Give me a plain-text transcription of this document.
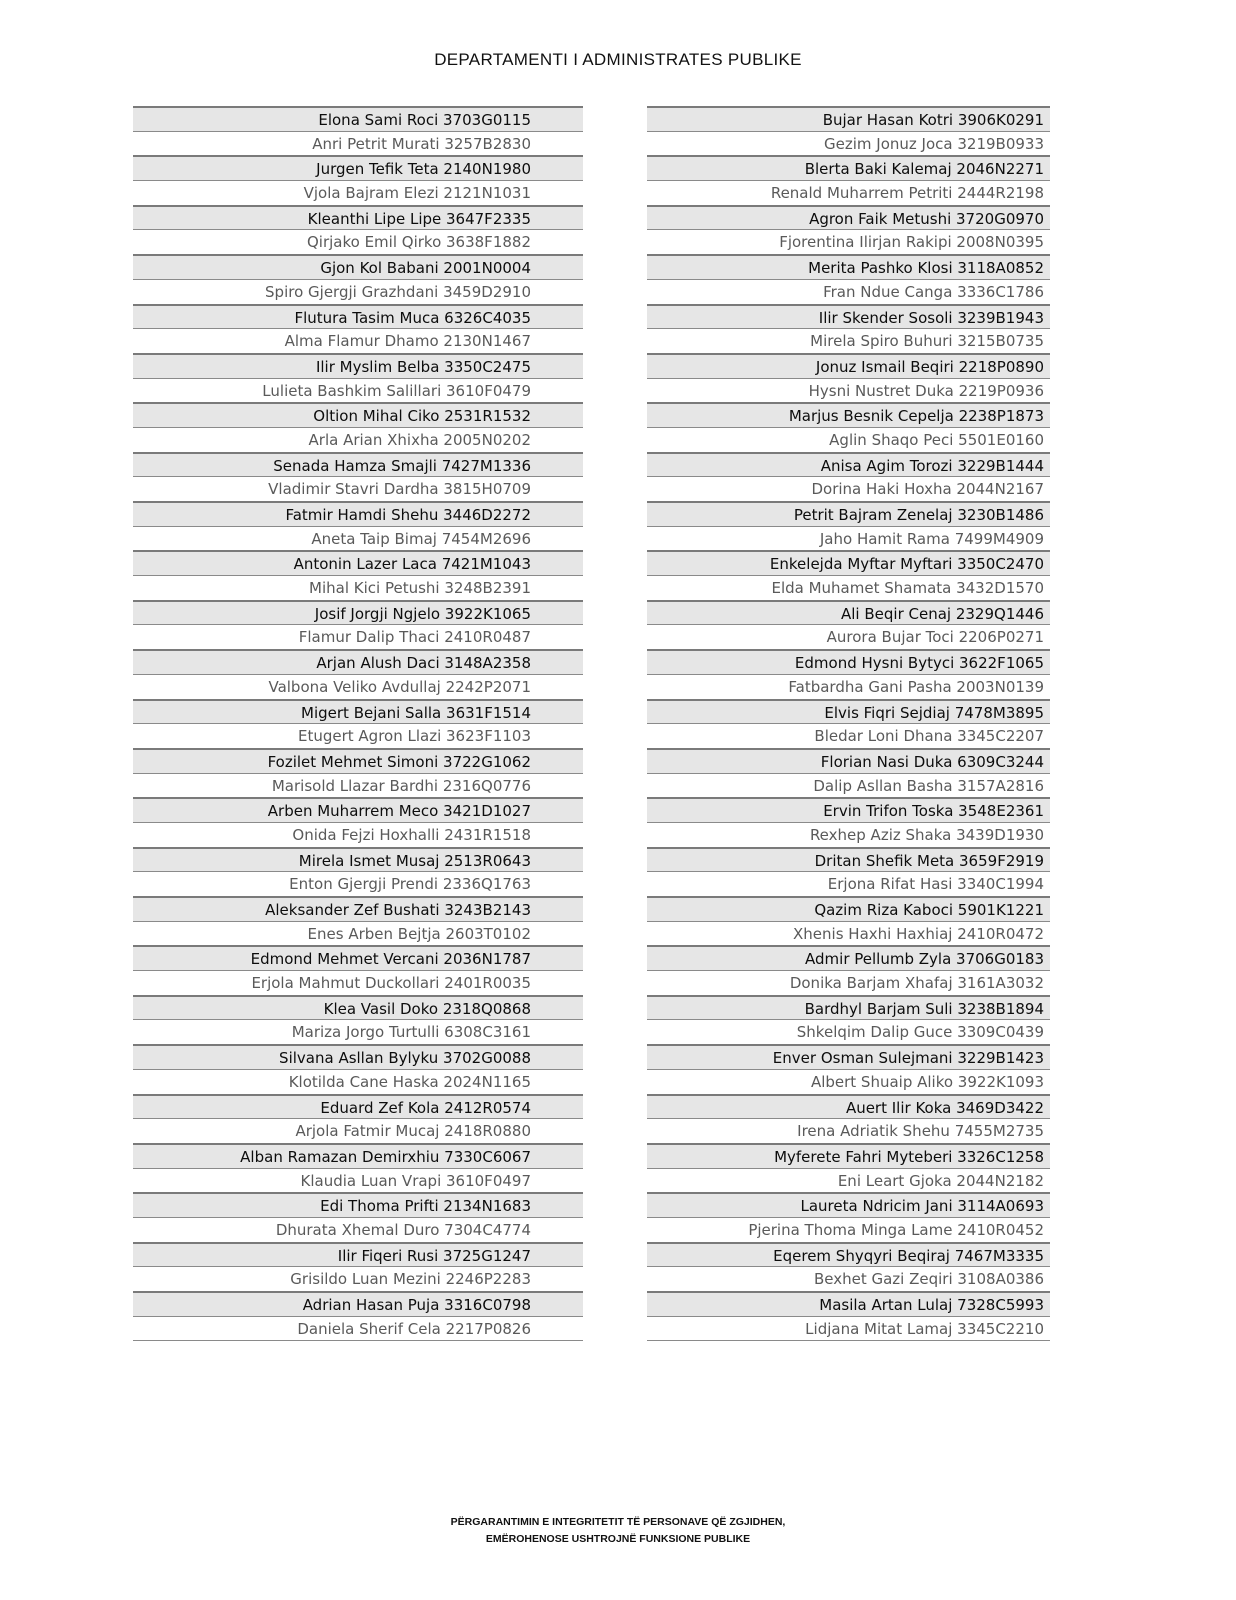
DEPARTAMENTI I ADMINISTRATES PUBLIKE
Elona Sami Roci 3703G0115
Anri Petrit Murati 3257B2830
Jurgen Tefik Teta 2140N1980
Vjola Bajram Elezi 2121N1031
Kleanthi Lipe Lipe 3647F2335
Qirjako Emil Qirko 3638F1882
Gjon Kol Babani 2001N0004
Spiro Gjergji Grazhdani 3459D2910
Flutura Tasim Muca 6326C4035
Alma Flamur Dhamo 2130N1467
Ilir Myslim Belba 3350C2475
Lulieta Bashkim Salillari 3610F0479
Oltion Mihal Ciko 2531R1532
Arla Arian Xhixha 2005N0202
Senada Hamza Smajli 7427M1336
Vladimir Stavri Dardha 3815H0709
Fatmir Hamdi Shehu 3446D2272
Aneta Taip Bimaj 7454M2696
Antonin Lazer Laca 7421M1043
Mihal Kici Petushi 3248B2391
Josif Jorgji Ngjelo 3922K1065
Flamur Dalip Thaci 2410R0487
Arjan Alush Daci 3148A2358
Valbona Veliko Avdullaj 2242P2071
Migert Bejani Salla 3631F1514
Etugert Agron Llazi 3623F1103
Fozilet Mehmet Simoni 3722G1062
Marisold Llazar Bardhi 2316Q0776
Arben Muharrem Meco 3421D1027
Onida Fejzi Hoxhalli 2431R1518
Mirela Ismet Musaj 2513R0643
Enton Gjergji Prendi 2336Q1763
Aleksander Zef Bushati 3243B2143
Enes Arben Bejtja 2603T0102
Edmond Mehmet Vercani 2036N1787
Erjola Mahmut Duckollari 2401R0035
Klea Vasil Doko 2318Q0868
Mariza Jorgo Turtulli 6308C3161
Silvana Asllan Bylyku 3702G0088
Klotilda Cane Haska 2024N1165
Eduard Zef Kola 2412R0574
Arjola Fatmir Mucaj 2418R0880
Alban Ramazan Demirxhiu 7330C6067
Klaudia Luan Vrapi 3610F0497
Edi Thoma Prifti 2134N1683
Dhurata Xhemal Duro 7304C4774
Ilir Fiqeri Rusi 3725G1247
Grisildo Luan Mezini 2246P2283
Adrian Hasan Puja 3316C0798
Daniela Sherif Cela 2217P0826
Bujar Hasan Kotri 3906K0291
Gezim Jonuz Joca 3219B0933
Blerta Baki Kalemaj 2046N2271
Renald Muharrem Petriti 2444R2198
Agron Faik Metushi 3720G0970
Fjorentina Ilirjan Rakipi 2008N0395
Merita Pashko Klosi 3118A0852
Fran Ndue Canga 3336C1786
Ilir Skender Sosoli 3239B1943
Mirela Spiro Buhuri 3215B0735
Jonuz Ismail Beqiri 2218P0890
Hysni Nustret Duka 2219P0936
Marjus Besnik Cepelja 2238P1873
Aglin Shaqo Peci 5501E0160
Anisa Agim Torozi 3229B1444
Dorina Haki Hoxha 2044N2167
Petrit Bajram Zenelaj 3230B1486
Jaho Hamit Rama 7499M4909
Enkelejda Myftar Myftari 3350C2470
Elda Muhamet Shamata 3432D1570
Ali Beqir Cenaj 2329Q1446
Aurora Bujar Toci 2206P0271
Edmond Hysni Bytyci 3622F1065
Fatbardha Gani Pasha 2003N0139
Elvis Fiqri Sejdiaj 7478M3895
Bledar Loni Dhana 3345C2207
Florian Nasi Duka 6309C3244
Dalip Asllan Basha 3157A2816
Ervin Trifon Toska 3548E2361
Rexhep Aziz Shaka 3439D1930
Dritan Shefik Meta 3659F2919
Erjona Rifat Hasi 3340C1994
Qazim Riza Kaboci 5901K1221
Xhenis Haxhi Haxhiaj 2410R0472
Admir Pellumb Zyla 3706G0183
Donika Barjam Xhafaj 3161A3032
Bardhyl Barjam Suli 3238B1894
Shkelqim Dalip Guce 3309C0439
Enver Osman Sulejmani 3229B1423
Albert Shuaip Aliko 3922K1093
Auert Ilir Koka 3469D3422
Irena Adriatik Shehu 7455M2735
Myferete Fahri Myteberi 3326C1258
Eni Leart Gjoka 2044N2182
Laureta Ndricim Jani 3114A0693
Pjerina Thoma Minga Lame 2410R0452
Eqerem Shyqyri Beqiraj 7467M3335
Bexhet Gazi Zeqiri 3108A0386
Masila Artan Lulaj 7328C5993
Lidjana Mitat Lamaj 3345C2210
PËRGARANTIMIN E INTEGRITETIT TË PERSONAVE QË ZGJIDHEN,
EMËROHENOSE USHTROJNË FUNKSIONE PUBLIKE
